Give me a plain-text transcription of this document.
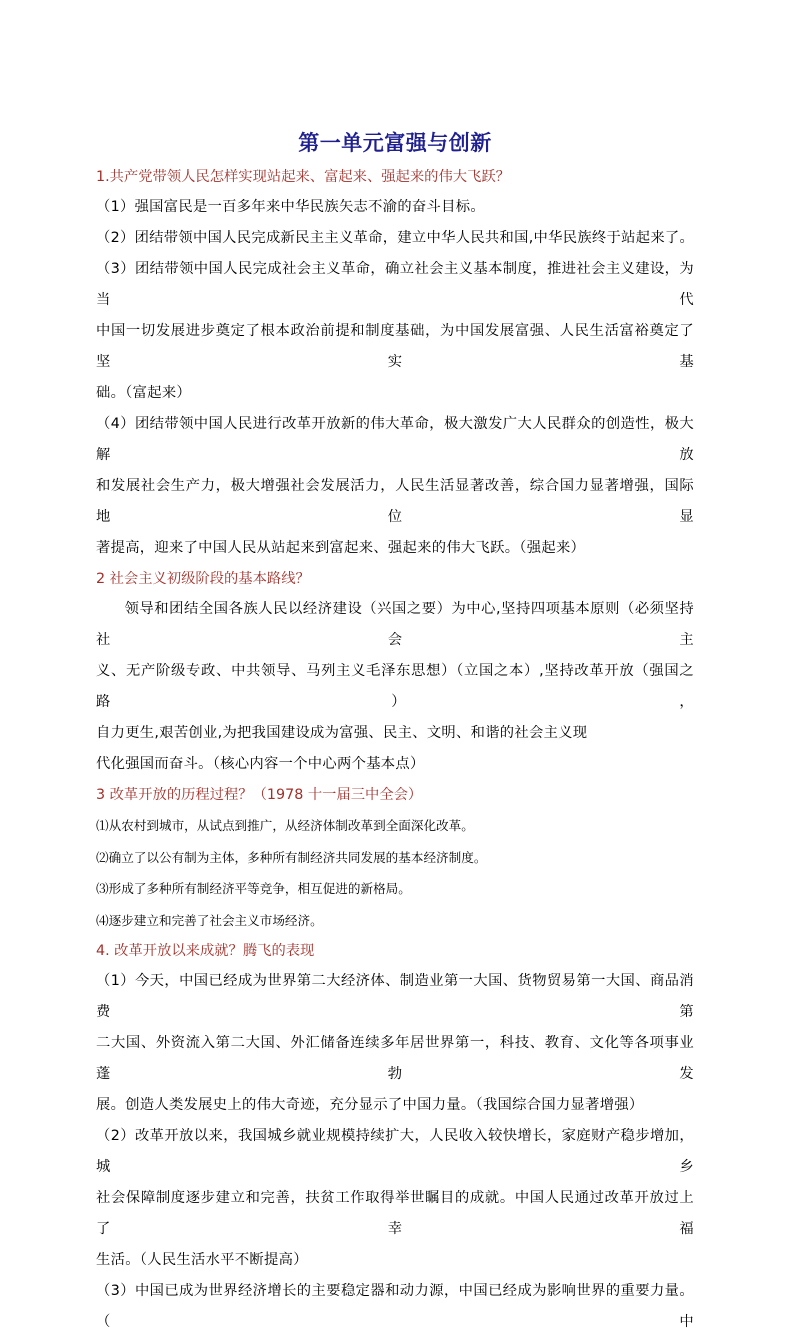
第一单元富强与创新

1.共产党带领人民怎样实现站起来、富起来、强起来的伟大飞跃？

（1）强国富民是一百多年来中华民族矢志不渝的奋斗目标。

（2）团结带领中国人民完成新民主主义革命，建立中华人民共和国,中华民族终于站起来了。

（3）团结带领中国人民完成社会主义革命，确立社会主义基本制度，推进社会主义建设，为当代

中国一切发展进步奠定了根本政治前提和制度基础，为中国发展富强、人民生活富裕奠定了坚实基

础。（富起来）

（4）团结带领中国人民进行改革开放新的伟大革命，极大激发广大人民群众的创造性，极大解放

和发展社会生产力，极大增强社会发展活力，人民生活显著改善，综合国力显著增强，国际地位显

著提高，迎来了中国人民从站起来到富起来、强起来的伟大飞跃。（强起来）

2 社会主义初级阶段的基本路线？

领导和团结全国各族人民以经济建设（兴国之要）为中心,坚持四项基本原则（必须坚持社会主

义、无产阶级专政、中共领导、马列主义毛泽东思想）（立国之本）,坚持改革开放（强国之路），

自力更生,艰苦创业,为把我国建设成为富强、民主、文明、和谐的社会主义现

代化强国而奋斗。（核心内容一个中心两个基本点）

3 改革开放的历程过程？（1978 十一届三中全会）

⑴从农村到城市，从试点到推广，从经济体制改革到全面深化改革。

⑵确立了以公有制为主体，多种所有制经济共同发展的基本经济制度。

⑶形成了多种所有制经济平等竞争，相互促进的新格局。

⑷逐步建立和完善了社会主义市场经济。

4. 改革开放以来成就？腾飞的表现

（1）今天，中国已经成为世界第二大经济体、制造业第一大国、货物贸易第一大国、商品消费第

二大国、外资流入第二大国、外汇储备连续多年居世界第一，科技、教育、文化等各项事业蓬勃发

展。创造人类发展史上的伟大奇迹，充分显示了中国力量。（我国综合国力显著增强）

（2）改革开放以来，我国城乡就业规模持续扩大，人民收入较快增长，家庭财产稳步增加，城乡

社会保障制度逐步建立和完善，扶贫工作取得举世瞩目的成就。中国人民通过改革开放过上了幸福

生活。（人民生活水平不断提高）

（3）中国已成为世界经济增长的主要稳定器和动力源，中国已经成为影响世界的重要力量。（中
